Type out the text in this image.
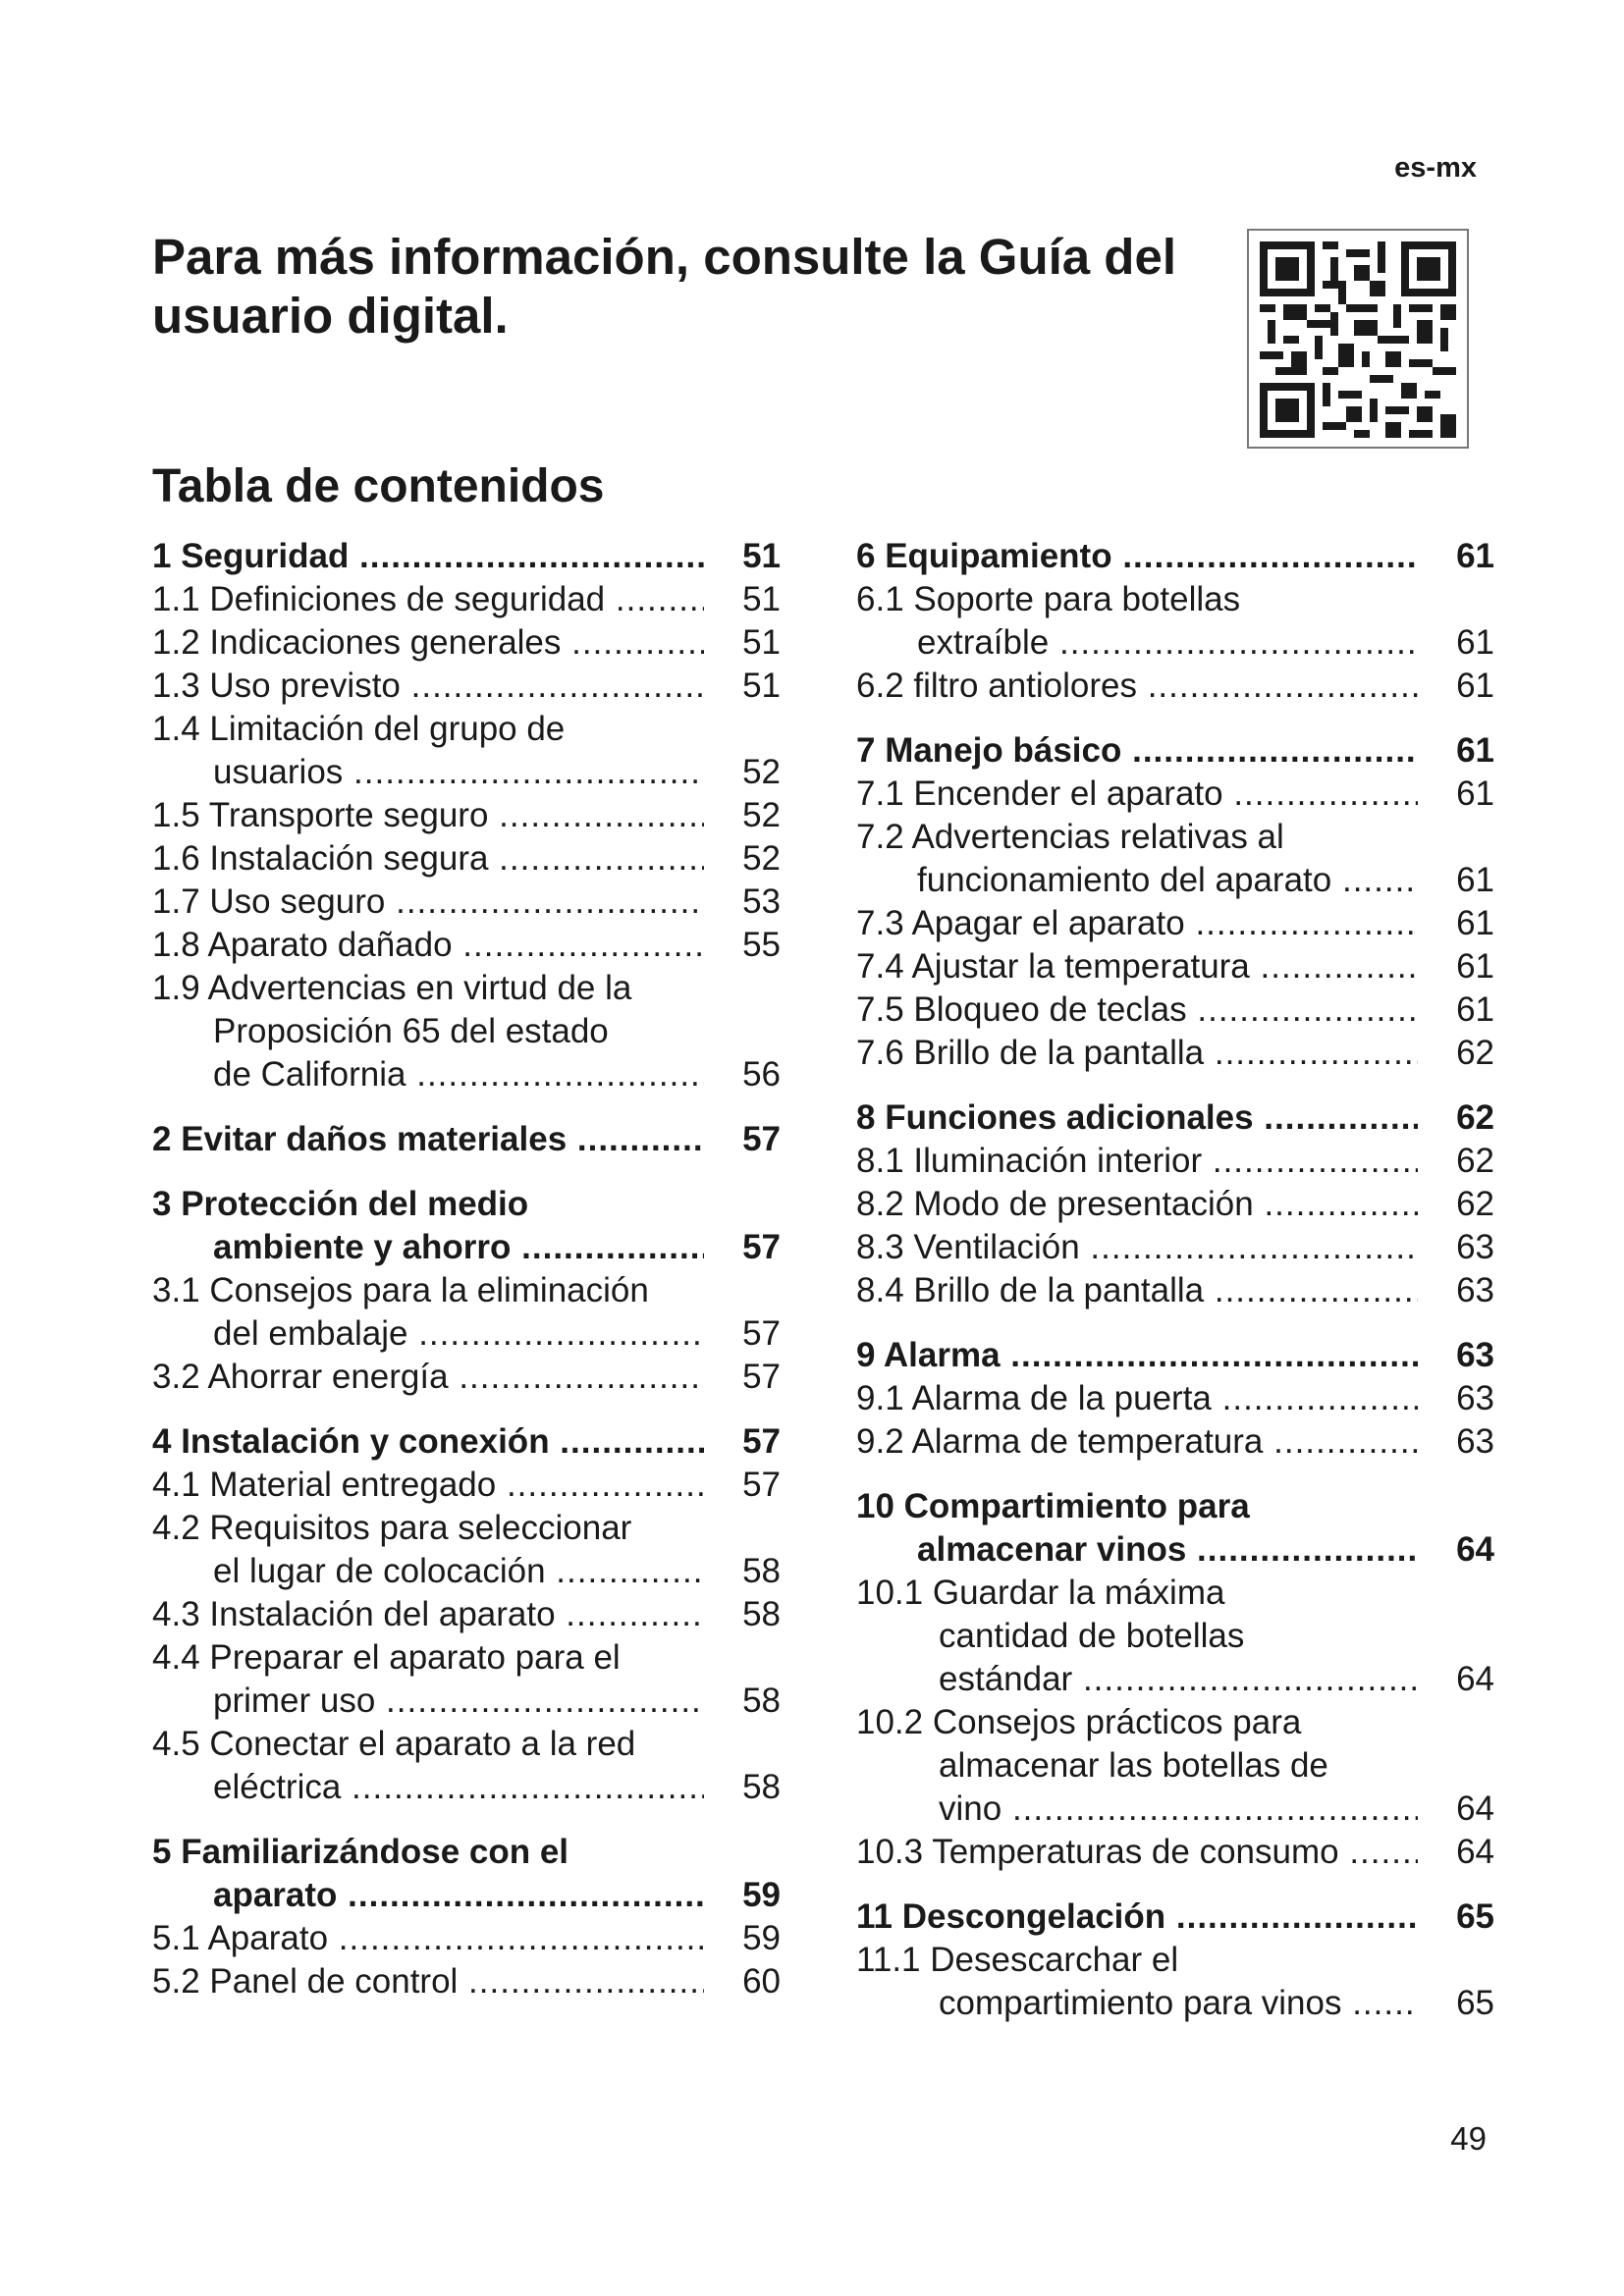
es-mx
Para más información, consulte la Guía del usuario digital.
Tabla de contenidos
1 Seguridad .....	51
1.1 Definiciones de seguridad .....	51
1.2 Indicaciones generales .....	51
1.3 Uso previsto .....	51
1.4 Limitación del grupo de
usuarios .....	52
1.5 Transporte seguro .....	52
1.6 Instalación segura .....	52
1.7 Uso seguro .....	53
1.8 Aparato dañado .....	55
1.9 Advertencias en virtud de la
Proposición 65 del estado
de California .....	56
2 Evitar daños materiales .....	57
3 Protección del medio
ambiente y ahorro .....	57
3.1 Consejos para la eliminación
del embalaje .....	57
3.2 Ahorrar energía .....	57
4 Instalación y conexión .....	57
4.1 Material entregado .....	57
4.2 Requisitos para seleccionar
el lugar de colocación .....	58
4.3 Instalación del aparato .....	58
4.4 Preparar el aparato para el
primer uso .....	58
4.5 Conectar el aparato a la red
eléctrica .....	58
5 Familiarizándose con el
aparato .....	59
5.1 Aparato .....	59
5.2 Panel de control .....	60
6 Equipamiento .....	61
6.1 Soporte para botellas
extraíble .....	61
6.2 filtro antiolores .....	61
7 Manejo básico .....	61
7.1 Encender el aparato .....	61
7.2 Advertencias relativas al
funcionamiento del aparato .....	61
7.3 Apagar el aparato .....	61
7.4 Ajustar la temperatura .....	61
7.5 Bloqueo de teclas .....	61
7.6 Brillo de la pantalla .....	62
8 Funciones adicionales .....	62
8.1 Iluminación interior .....	62
8.2 Modo de presentación .....	62
8.3 Ventilación .....	63
8.4 Brillo de la pantalla .....	63
9 Alarma .....	63
9.1 Alarma de la puerta .....	63
9.2 Alarma de temperatura .....	63
10 Compartimiento para
almacenar vinos .....	64
10.1 Guardar la máxima
cantidad de botellas
estándar .....	64
10.2 Consejos prácticos para
almacenar las botellas de
vino .....	64
10.3 Temperaturas de consumo .....	64
11 Descongelación .....	65
11.1 Desescarchar el
compartimiento para vinos .....	65
49
